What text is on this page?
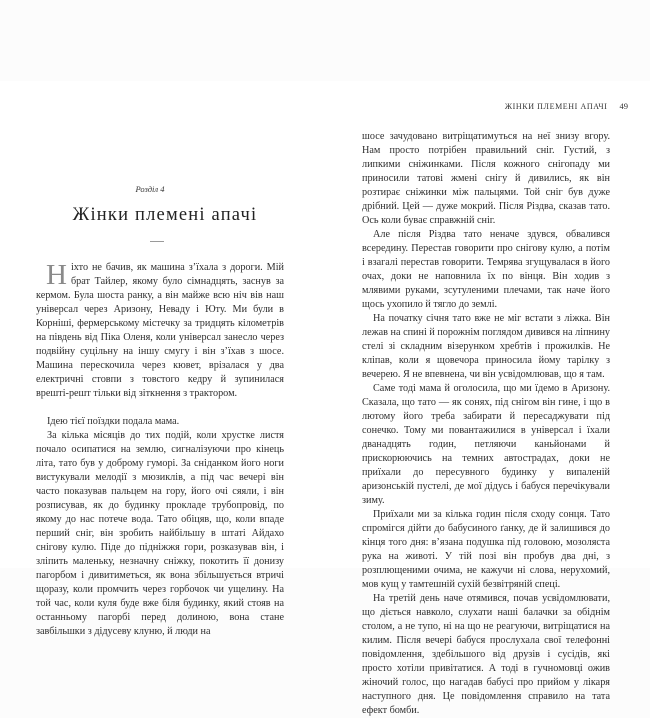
Розділ 4
Жінки племені апачі

Ніхто не бачив, як машина з’їхала з дороги. Мій брат Тайлер, якому було сімнадцять, заснув за кермом. Була шоста ранку, а він майже всю ніч вів наш універсал через Аризону, Неваду і Юту. Ми були в Корніші, фермерському містечку за тридцять кілометрів на південь від Піка Оленя, коли універсал занесло через подвійну суцільну на іншу смугу і він з’їхав з шосе. Машина перескочила через кювет, врізалася у два електричні стовпи з товстого кедру й зупинилася врешті-решт тільки від зіткнення з трактором.

Ідею тієї поїздки подала мама.

За кілька місяців до тих подій, коли хрустке листя почало осипатися на землю, сигналізуючи про кінець літа, тато був у доброму гуморі. За сніданком його ноги вистукували мелодії з мюзиклів, а під час вечері він часто показував пальцем на гору, його очі сяяли, і він розписував, як до будинку прокладе трубопровід, по якому до нас потече вода. Тато обіцяв, що, коли впаде перший сніг, він зробить найбільшу в штаті Айдахо снігову кулю. Піде до підніжжя гори, розказував він, і зліпить маленьку, незначну сніжку, покотить її донизу пагорбом і дивитиметься, як вона збільшується втричі щоразу, коли промчить через горбочок чи ущелину. На той час, коли куля буде вже біля будинку, який стояв на останньому пагорбі перед долиною, вона стане завбільшки з дідусеву клуню, й люди на

ЖІНКИ ПЛЕМЕНІ АПАЧІ 49

шосе зачудовано витріщатимуться на неї знизу вгору. Нам просто потрібен правильний сніг. Густий, з липкими сніжинками. Після кожного снігопаду ми приносили татові жмені снігу й дивились, як він розтирає сніжинки між пальцями. Той сніг був дуже дрібний. Цей — дуже мокрий. Після Різдва, сказав тато. Ось коли буває справжній сніг.

Але після Різдва тато неначе здувся, обвалився всередину. Перестав говорити про снігову кулю, а потім і взагалі перестав говорити. Темрява згущувалася в його очах, доки не наповнила їх по вінця. Він ходив з млявими руками, зсутуленими плечами, так наче його щось ухопило й тягло до землі.

На початку січня тато вже не міг встати з ліжка. Він лежав на спині й порожнім поглядом дивився на ліпнину стелі зі складним візерунком хребтів і прожилків. Не кліпав, коли я щовечора приносила йому тарілку з вечерею. Я не впевнена, чи він усвідомлював, що я там.

Саме тоді мама й оголосила, що ми їдемо в Аризону. Сказала, що тато — як сонях, під снігом він гине, і що в лютому його треба забирати й пересаджувати під сонечко. Тому ми повантажилися в універсал і їхали дванадцять годин, петляючи каньйонами й прискорюючись на темних автострадах, доки не приїхали до пересувного будинку у випаленій аризонській пустелі, де мої дідусь і бабуся перечікували зиму.

Приїхали ми за кілька годин після сходу сонця. Тато спромігся дійти до бабусиного ґанку, де й залишився до кінця того дня: в’язана подушка під головою, мозоляста рука на животі. У тій позі він пробув два дні, з розплющеними очима, не кажучи ні слова, нерухомий, мов кущ у тамтешній сухій безвітряній спеці.

На третій день наче отямився, почав усвідомлювати, що діється навколо, слухати наші балачки за обіднім столом, а не тупо, ні на що не реагуючи, витріщатися на килим. Після вечері бабуся прослухала свої телефонні повідомлення, здебільшого від друзів і сусідів, які просто хотіли привітатися. А тоді в гучномовці ожив жіночий голос, що нагадав бабусі про прийом у лікаря наступного дня. Це повідомлення справило на тата ефект бомби.
